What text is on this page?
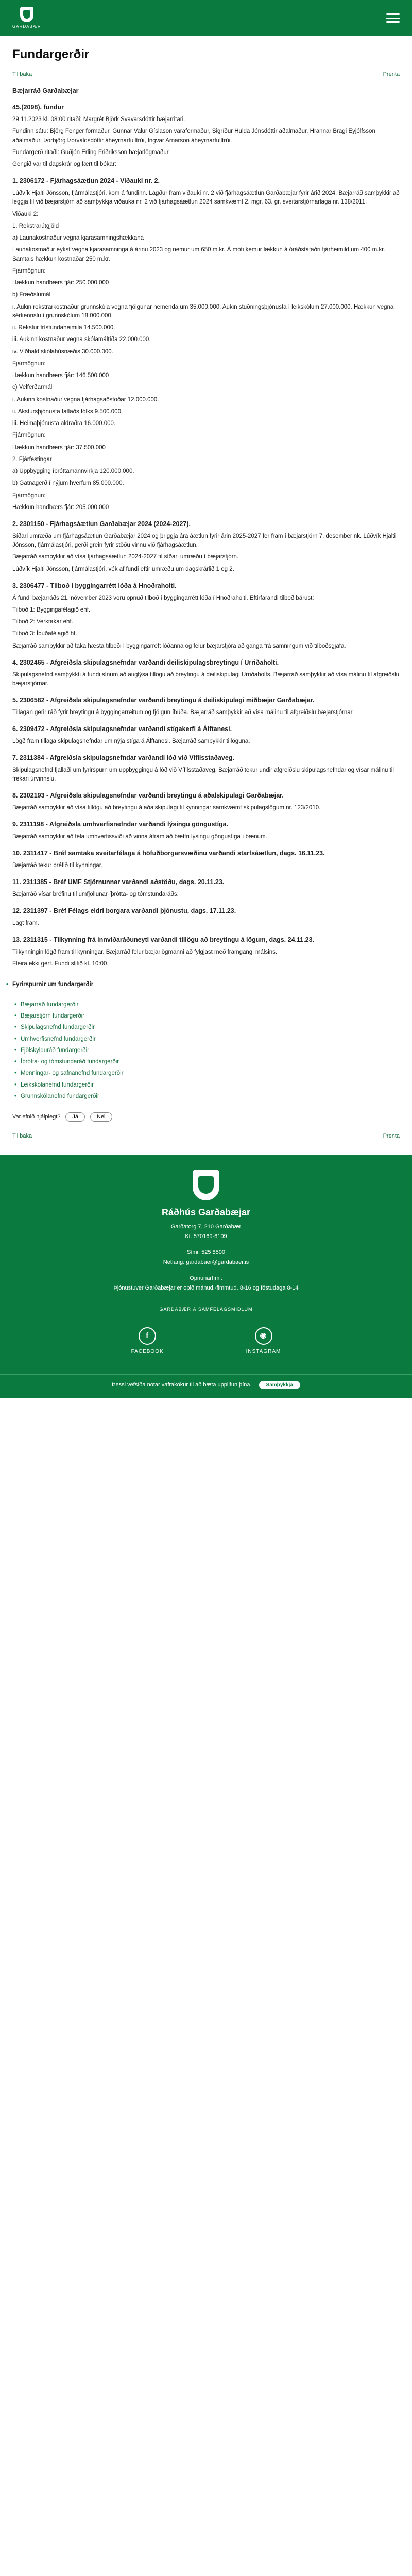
GARÐABÆR
Fundargerðir
Til baka	Prenta
Bæjarráð Garðabæjar
45.(2098). fundur

29.11.2023 kl. 08:00 ritaði: Margrét Björk Svavarsdóttir bæjarritari.

Fundinn sátu: Björg Fenger formaður, Gunnar Valur Gíslason varaformaður, Sigríður Hulda Jónsdóttir aðalmaður, Hrannar Bragi Eyjólfsson aðalmaður, Þorbjörg Þorvaldsdóttir áheyrnarfulltrúi, Ingvar Arnarson áheyrnarfulltrúi.

Fundargerð ritaði: Guðjón Erling Friðriksson bæjarlögmaður.

Gengið var til dagskrár og fært til bókar:

1. 2306172 - Fjárhagsáætlun 2024 - Viðauki nr. 2.

Lúðvík Hjalti Jónsson, fjármálastjóri, kom á fundinn. Lagður fram viðauki nr. 2 við fjárhagsáætlun Garðabæjar fyrir árið 2024. Bæjarráð samþykkir að leggja til við bæjarstjórn að samþykkja viðauka nr. 2 við fjárhagsáætlun 2024 samkvæmt 2. mgr. 63. gr. sveitarstjórnarlaga nr. 138/2011.

Viðauki 2:

1. Rekstrarútgjöld

a) Launakostnaður vegna kjarasamningshækkana

Launakostnaður eykst vegna kjarasamninga á árinu 2023 og nemur um 650 m.kr. Á móti kemur lækkun á óráðstafaðri fjárheimild um 400 m.kr. Samtals hækkun kostnaðar 250 m.kr.

Fjármögnun:

Hækkun handbærs fjár: 250.000.000

b) Fræðslumál

i. Aukin rekstrarkostnaður grunnskóla vegna fjölgunar nemenda um 35.000.000. Aukin stuðningsþjónusta í leikskólum 27.000.000. Hækkun vegna sérkennslu í grunnskólum 18.000.000.

ii. Rekstur frístundaheimila 14.500.000.

iii. Aukinn kostnaður vegna skólamáltíða 22.000.000.

iv. Viðhald skólahúsnæðis 30.000.000.

Fjármögnun:

Hækkun handbærs fjár: 146.500.000

c) Velferðarmál

i. Aukinn kostnaður vegna fjárhagsaðstoðar 12.000.000.

ii. Akstursþjónusta fatlaðs fólks 9.500.000.

iii. Heimaþjónusta aldraðra 16.000.000.

Fjármögnun:

Hækkun handbærs fjár: 37.500.000

2. Fjárfestingar

a) Uppbygging íþróttamannvirkja 120.000.000.

b) Gatnagerð í nýjum hverfum 85.000.000.

Fjármögnun:

Hækkun handbærs fjár: 205.000.000

2. 2301150 - Fjárhagsáætlun Garðabæjar 2024 (2024-2027).

Síðari umræða um fjárhagsáætlun Garðabæjar 2024 og þriggja ára áætlun fyrir árin 2025-2027 fer fram í bæjarstjórn 7. desember nk. Lúðvík Hjalti Jónsson, fjármálastjóri, gerði grein fyrir stöðu vinnu við fjárhagsáætlun.

Bæjarráð samþykkir að vísa fjárhagsáætlun 2024-2027 til síðari umræðu í bæjarstjórn.

Lúðvík Hjalti Jónsson, fjármálastjóri, vék af fundi eftir umræðu um dagskrárlið 1 og 2.

3. 2306477 - Tilboð í byggingarrétt lóða á Hnoðraholti.

Á fundi bæjarráðs 21. nóvember 2023 voru opnuð tilboð í byggingarrétt lóða í Hnoðraholti. Eftirfarandi tilboð bárust:

Tilboð 1: Byggingafélagið ehf.

Tilboð 2: Verktakar ehf.

Tilboð 3: Íbúðafélagið hf.

Bæjarráð samþykkir að taka hæsta tilboði í byggingarrétt lóðanna og felur bæjarstjóra að ganga frá samningum við tilboðsgjafa.

4. 2302465 - Afgreiðsla skipulagsnefndar varðandi deiliskipulagsbreytingu í Urriðaholti.

Skipulagsnefnd samþykkti á fundi sínum að auglýsa tillögu að breytingu á deiliskipulagi Urriðaholts. Bæjarráð samþykkir að vísa málinu til afgreiðslu bæjarstjórnar.

5. 2306582 - Afgreiðsla skipulagsnefndar varðandi breytingu á deiliskipulagi miðbæjar Garðabæjar.

Tillagan gerir ráð fyrir breytingu á byggingarreitum og fjölgun íbúða. Bæjarráð samþykkir að vísa málinu til afgreiðslu bæjarstjórnar.

6. 2309472 - Afgreiðsla skipulagsnefndar varðandi stígakerfi á Álftanesi.

Lögð fram tillaga skipulagsnefndar um nýja stíga á Álftanesi. Bæjarráð samþykkir tillöguna.

7. 2311384 - Afgreiðsla skipulagsnefndar varðandi lóð við Vífilsstaðaveg.

Skipulagsnefnd fjallaði um fyrirspurn um uppbyggingu á lóð við Vífilsstaðaveg. Bæjarráð tekur undir afgreiðslu skipulagsnefndar og vísar málinu til frekari úrvinnslu.

8. 2302193 - Afgreiðsla skipulagsnefndar varðandi breytingu á aðalskipulagi Garðabæjar.

Bæjarráð samþykkir að vísa tillögu að breytingu á aðalskipulagi til kynningar samkvæmt skipulagslögum nr. 123/2010.

9. 2311198 - Afgreiðsla umhverfisnefndar varðandi lýsingu göngustíga.

Bæjarráð samþykkir að fela umhverfissviði að vinna áfram að bættri lýsingu göngustíga í bænum.

10. 2311417 - Bréf samtaka sveitarfélaga á höfuðborgarsvæðinu varðandi starfsáætlun, dags. 16.11.23.

Bæjarráð tekur bréfið til kynningar.

11. 2311385 - Bréf UMF Stjörnunnar varðandi aðstöðu, dags. 20.11.23.

Bæjarráð vísar bréfinu til umfjöllunar íþrótta- og tómstundaráðs.

12. 2311397 - Bréf Félags eldri borgara varðandi þjónustu, dags. 17.11.23.

Lagt fram.

13. 2311315 - Tilkynning frá innviðaráðuneyti varðandi tillögu að breytingu á lögum, dags. 24.11.23.

Tilkynningin lögð fram til kynningar. Bæjarráð felur bæjarlögmanni að fylgjast með framgangi málsins.

Fleira ekki gert. Fundi slitið kl. 10:00.

• Fyrirspurnir um fundargerðir
• Bæjarráð fundargerðir
• Bæjarstjórn fundargerðir
• Skipulagsnefnd fundargerðir
• Umhverfisnefnd fundargerðir
• Fjölskylduráð fundargerðir
• Íþrótta- og tómstundaráð fundargerðir
• Menningar- og safnanefnd fundargerðir
• Leikskólanefnd fundargerðir
• Grunnskólanefnd fundargerðir
Var efnið hjálplegt?	Já	Nei
Til baka	Prenta
Ráðhús Garðabæjar

Garðatorg 7, 210 Garðabær

Kt. 570169-6109

Sími: 525 8500

Netfang: gardabaer@gardabaer.is

Opnunartími:

Þjónustuver Garðabæjar er opið mánud.-fimmtud. 8-16 og föstudaga 8-14

GARÐABÆR Á SAMFÉLAGSMIÐLUM

f
FACEBOOK
◉
INSTAGRAM
Þessi vefsíða notar vafrakökur til að bæta upplifun þína.	Samþykkja
